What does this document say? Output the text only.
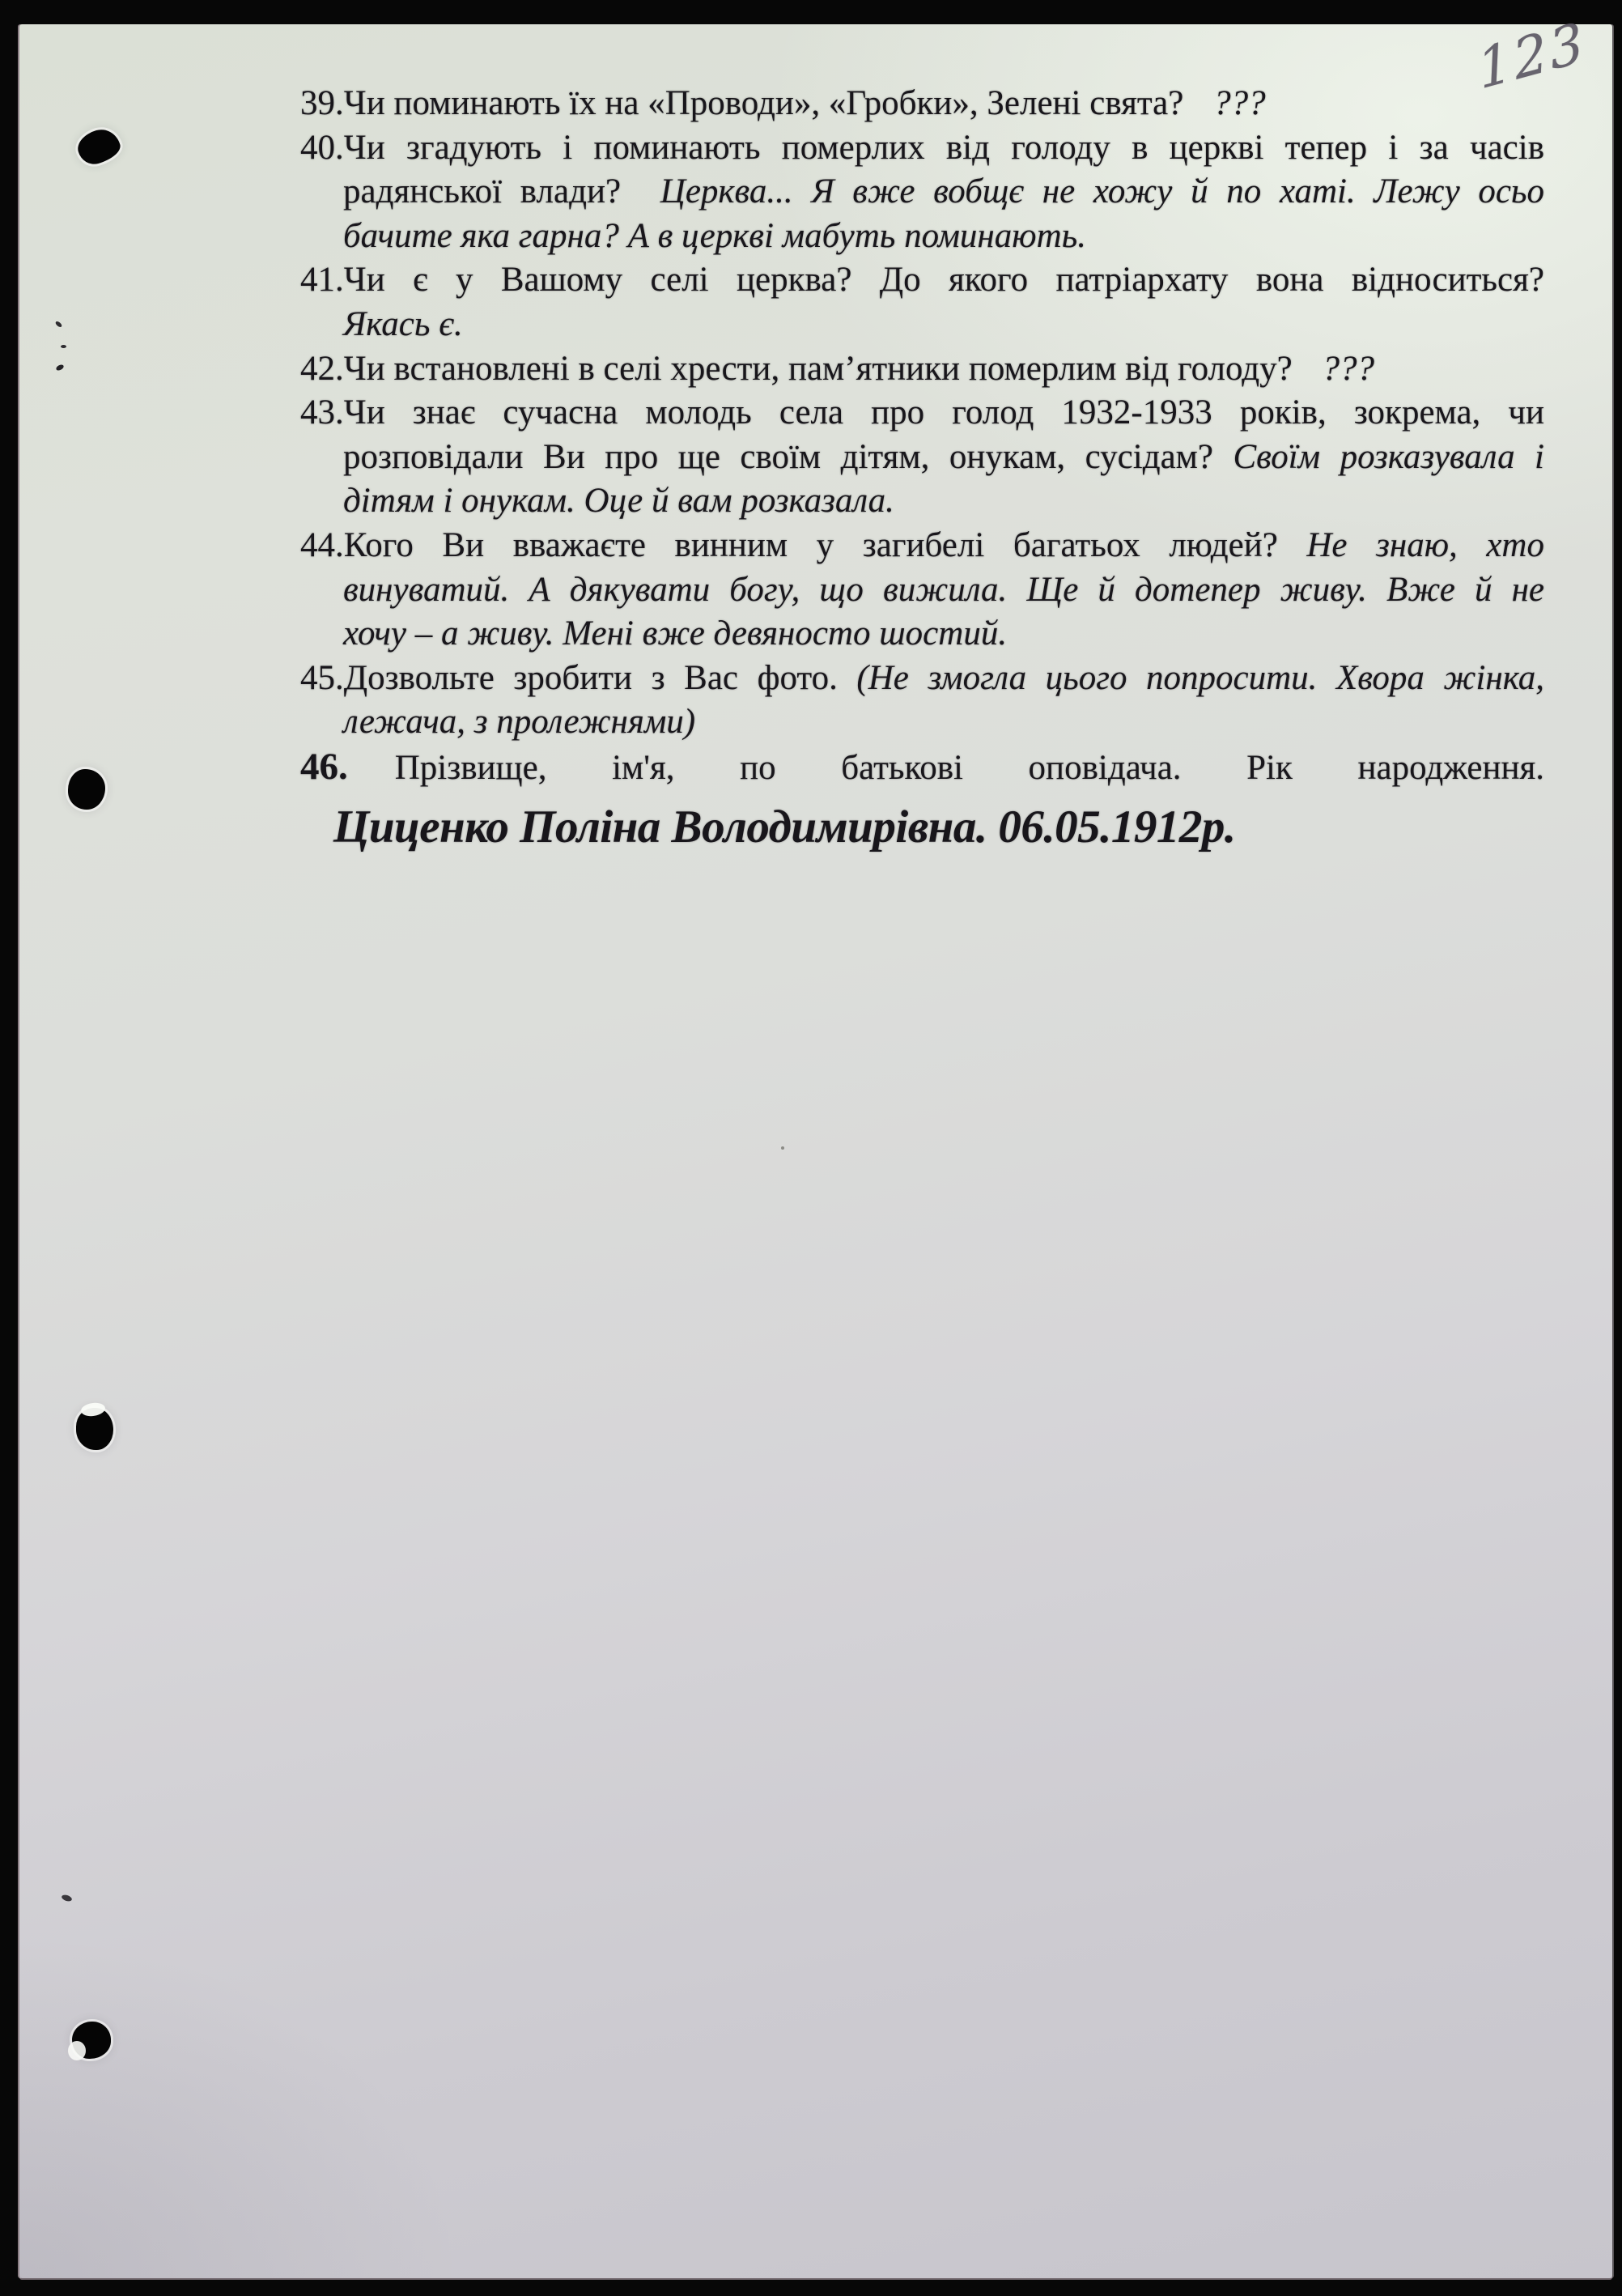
123
39.Чи поминають їх на «Проводи», «Гробки», Зелені свята? ???
40.Чи згадують і поминають померлих від голоду в церкві тепер і за часів
радянської влади? Церква... Я вже вобщє не хожу й по хаті. Лежу осьо
бачите яка гарна? А в церкві мабуть поминають.
41.Чи є у Вашому селі церква? До якого патріархату вона відноситься?
Якась є.
42.Чи встановлені в селі хрести, пам’ятники померлим від голоду? ???
43.Чи знає сучасна молодь села про голод 1932-1933 років, зокрема, чи
розповідали Ви про ще своїм дітям, онукам, сусідам? Своїм розказувала і
дітям і онукам. Оце й вам розказала.
44.Кого Ви вважаєте винним у загибелі багатьох людей? Не знаю, хто
винуватий. А дякувати богу, що вижила. Ще й дотепер живу. Вже й не
хочу – а живу. Мені вже девяносто шостий.
45.Дозвольте зробити з Вас фото. (Не змогла цього попросити. Хвора жінка,
лежача, з пролежнями)
46. Прізвище, ім'я, по батькові оповідача. Рік народження.
Циценко Поліна Володимирівна. 06.05.1912р.
